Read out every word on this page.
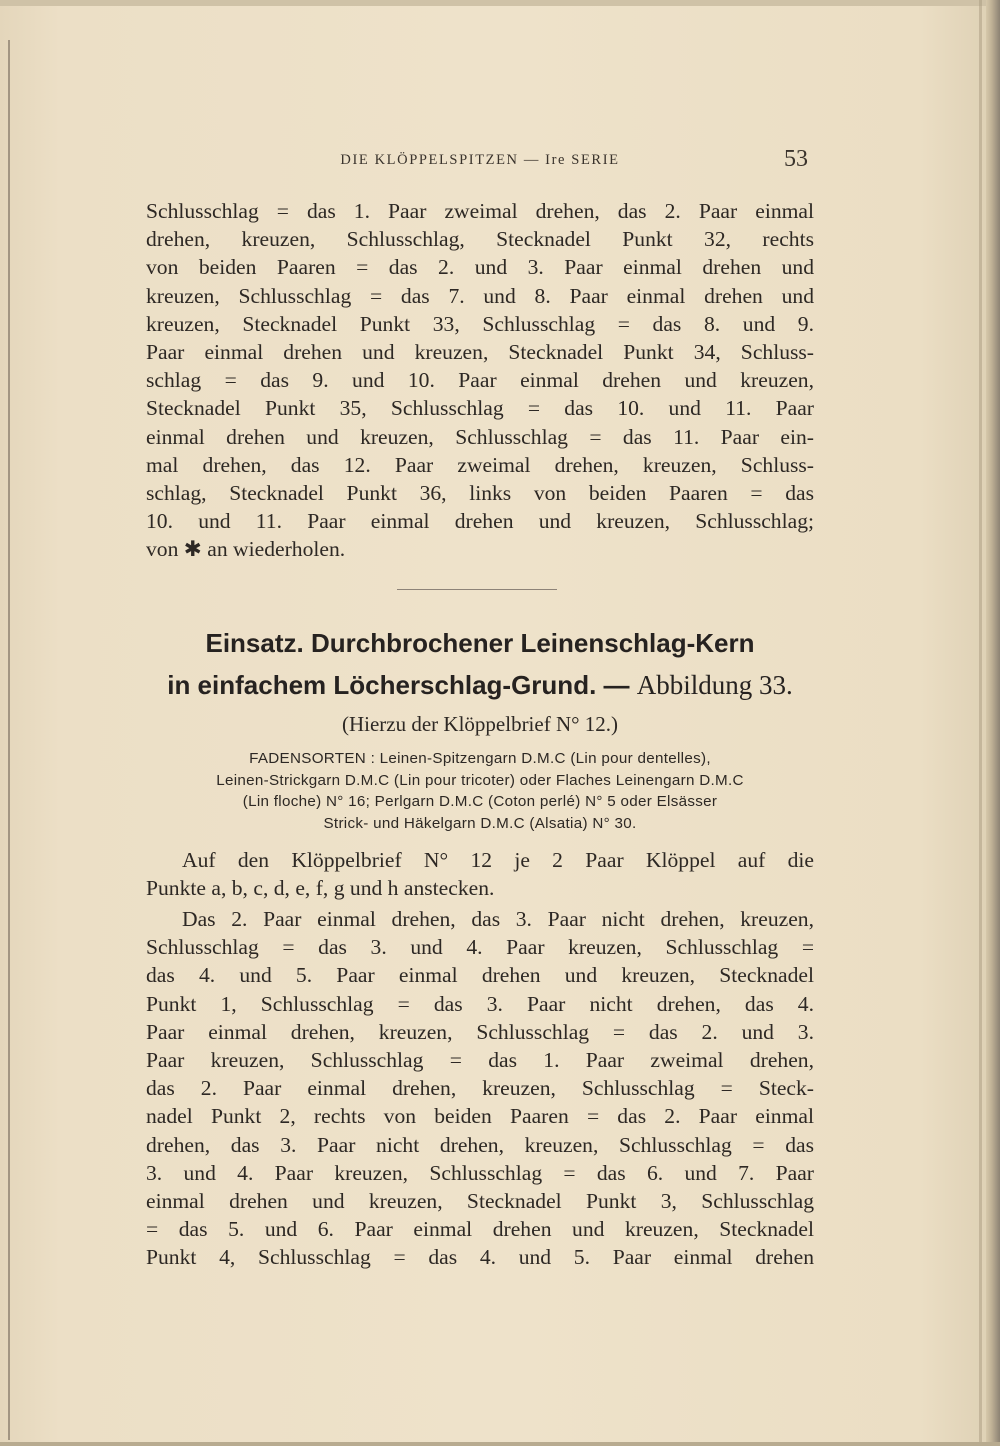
DIE KLÖPPELSPITZEN — Ire SERIE	53
Schlusschlag = das 1. Paar zweimal drehen, das 2. Paar einmal
drehen, kreuzen, Schlusschlag, Stecknadel Punkt 32, rechts
von beiden Paaren = das 2. und 3. Paar einmal drehen und
kreuzen, Schlusschlag = das 7. und 8. Paar einmal drehen und
kreuzen, Stecknadel Punkt 33, Schlusschlag = das 8. und 9.
Paar einmal drehen und kreuzen, Stecknadel Punkt 34, Schluss-
schlag = das 9. und 10. Paar einmal drehen und kreuzen,
Stecknadel Punkt 35, Schlusschlag = das 10. und 11. Paar
einmal drehen und kreuzen, Schlusschlag = das 11. Paar ein-
mal drehen, das 12. Paar zweimal drehen, kreuzen, Schluss-
schlag, Stecknadel Punkt 36, links von beiden Paaren = das
10. und 11. Paar einmal drehen und kreuzen, Schlusschlag;
von ✱ an wiederholen.
Einsatz. Durchbrochener Leinenschlag-Kern
in einfachem Löcherschlag-Grund. — Abbildung 33.
(Hierzu der Klöppelbrief N° 12.)
FADENSORTEN : Leinen-Spitzengarn D.M.C (Lin pour dentelles),
Leinen-Strickgarn D.M.C (Lin pour tricoter) oder Flaches Leinengarn D.M.C
(Lin floche) N° 16; Perlgarn D.M.C (Coton perlé) N° 5 oder Elsässer
Strick- und Häkelgarn D.M.C (Alsatia) N° 30.
Auf den Klöppelbrief N° 12 je 2 Paar Klöppel auf die
Punkte a, b, c, d, e, f, g und h anstecken.
Das 2. Paar einmal drehen, das 3. Paar nicht drehen, kreuzen,
Schlusschlag = das 3. und 4. Paar kreuzen, Schlusschlag =
das 4. und 5. Paar einmal drehen und kreuzen, Stecknadel
Punkt 1, Schlusschlag = das 3. Paar nicht drehen, das 4.
Paar einmal drehen, kreuzen, Schlusschlag = das 2. und 3.
Paar kreuzen, Schlusschlag = das 1. Paar zweimal drehen,
das 2. Paar einmal drehen, kreuzen, Schlusschlag = Steck-
nadel Punkt 2, rechts von beiden Paaren = das 2. Paar einmal
drehen, das 3. Paar nicht drehen, kreuzen, Schlusschlag = das
3. und 4. Paar kreuzen, Schlusschlag = das 6. und 7. Paar
einmal drehen und kreuzen, Stecknadel Punkt 3, Schlusschlag
= das 5. und 6. Paar einmal drehen und kreuzen, Stecknadel
Punkt 4, Schlusschlag = das 4. und 5. Paar einmal drehen
